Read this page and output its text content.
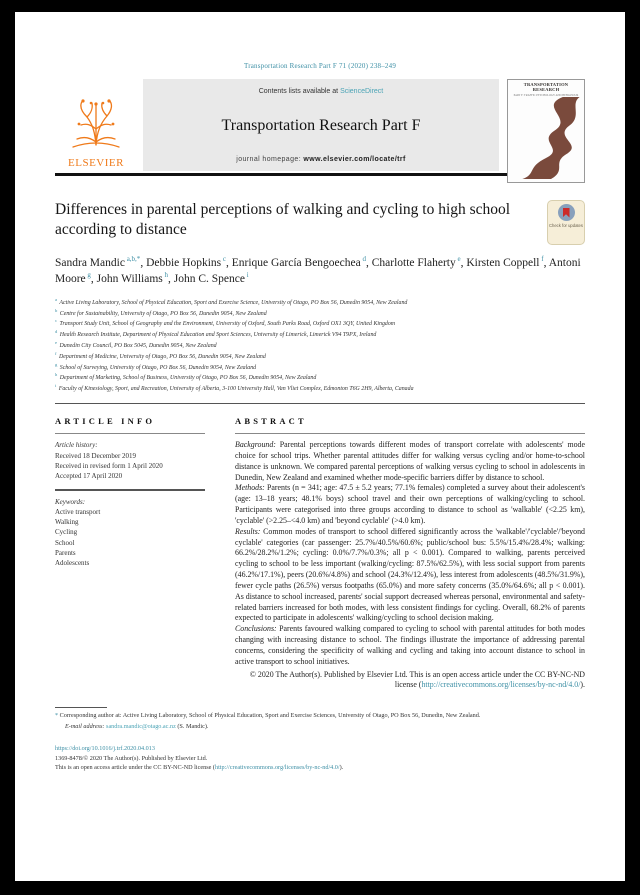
Transportation Research Part F 71 (2020) 238–249
ELSEVIER
Contents lists available at ScienceDirect
Transportation Research Part F
journal homepage: www.elsevier.com/locate/trf
TRANSPORTATION RESEARCH
PART F: TRAFFIC PSYCHOLOGY AND BEHAVIOUR
Differences in parental perceptions of walking and cycling to high school according to distance	Check for updates
Sandra Mandic $^{a,b,*}$, Debbie Hopkins $^c$, Enrique García Bengoechea $^d$, Charlotte Flaherty $^e$, Kirsten Coppell $^f$, Antoni Moore $^g$, John Williams $^h$, John C. Spence $^i$
$^a$ Active Living Laboratory, School of Physical Education, Sport and Exercise Science, University of Otago, PO Box 56, Dunedin 9054, New Zealand
$^b$ Centre for Sustainability, University of Otago, PO Box 56, Dunedin 9054, New Zealand
$^c$ Transport Study Unit, School of Geography and the Environment, University of Oxford, South Parks Road, Oxford OX1 3QY, United Kingdom
$^d$ Health Research Institute, Department of Physical Education and Sport Sciences, University of Limerick, Limerick V94 T9PX, Ireland
$^e$ Dunedin City Council, PO Box 5045, Dunedin 9054, New Zealand
$^f$ Department of Medicine, University of Otago, PO Box 56, Dunedin 9054, New Zealand
$^g$ School of Surveying, University of Otago, PO Box 56, Dunedin 9054, New Zealand
$^h$ Department of Marketing, School of Business, University of Otago, PO Box 56, Dunedin 9054, New Zealand
$^i$ Faculty of Kinesiology, Sport, and Recreation, University of Alberta, 3-100 University Hall, Van Vliet Complex, Edmonton T6G 2H9, Alberta, Canada
ARTICLE INFO
Article history:
Received 18 December 2019
Received in revised form 1 April 2020
Accepted 17 April 2020
Keywords:
Active transport
Walking
Cycling
School
Parents
Adolescents
ABSTRACT

Background: Parental perceptions towards different modes of transport correlate with adolescents' mode choice for school trips. Whether parental attitudes differ for walking versus cycling and/or home-to-school distance is unknown. We compared parental perceptions of walking versus cycling to school in adolescents in Dunedin, New Zealand and examined whether mode-specific barriers differ by distance to school.

Methods: Parents (n = 341; age: 47.5 ± 5.2 years; 77.1% females) completed a survey about their adolescent's (age: 13–18 years; 48.1% boys) school travel and their own perceptions of walking/cycling to school. Participants were categorised into three groups according to distance to school as 'walkable' (<2.25 km), 'cyclable' (>2.25–<4.0 km) and 'beyond cyclable' (>4.0 km).

Results: Common modes of transport to school differed significantly across the 'walkable'/'cyclable'/'beyond cyclable' categories (car passenger: 25.7%/40.5%/60.6%; public/school bus: 5.5%/15.4%/28.4%; walking: 66.2%/28.2%/1.2%; cycling: 0.0%/7.7%/0.3%; all p < 0.001). Compared to walking, parents perceived cycling to school to be less important (walking/cycling: 87.5%/62.5%), with less social support from parents (46.2%/17.1%), peers (20.6%/4.8%) and school (24.3%/12.4%), less interest from adolescents (48.5%/31.9%), fewer cycle paths (26.5%) versus footpaths (65.0%) and more safety concerns (35.0%/64.6%; all p < 0.001). As distance to school increased, parents' social support decreased whereas personal, environmental and safety-related barriers increased for both modes, with less consistent findings for cycling. Overall, 68.2% of parents expected to participate in adolescents' walking/cycling to school decision making.

Conclusions: Parents favoured walking compared to cycling to school with parental attitudes for both modes changing with increasing distance to school. The findings illustrate the importance of addressing parental concerns, considering the specificity of walking and cycling and taking into account distance to school in active transport to school initiatives.

© 2020 The Author(s). Published by Elsevier Ltd. This is an open access article under the CC BY-NC-ND license (http://creativecommons.org/licenses/by-nc-nd/4.0/).

* Corresponding author at: Active Living Laboratory, School of Physical Education, Sport and Exercise Sciences, University of Otago, PO Box 56, Dunedin, New Zealand.
E-mail address: sandra.mandic@otago.ac.nz (S. Mandic).
https://doi.org/10.1016/j.trf.2020.04.013
1369-8478/© 2020 The Author(s). Published by Elsevier Ltd.
This is an open access article under the CC BY-NC-ND license (http://creativecommons.org/licenses/by-nc-nd/4.0/).
